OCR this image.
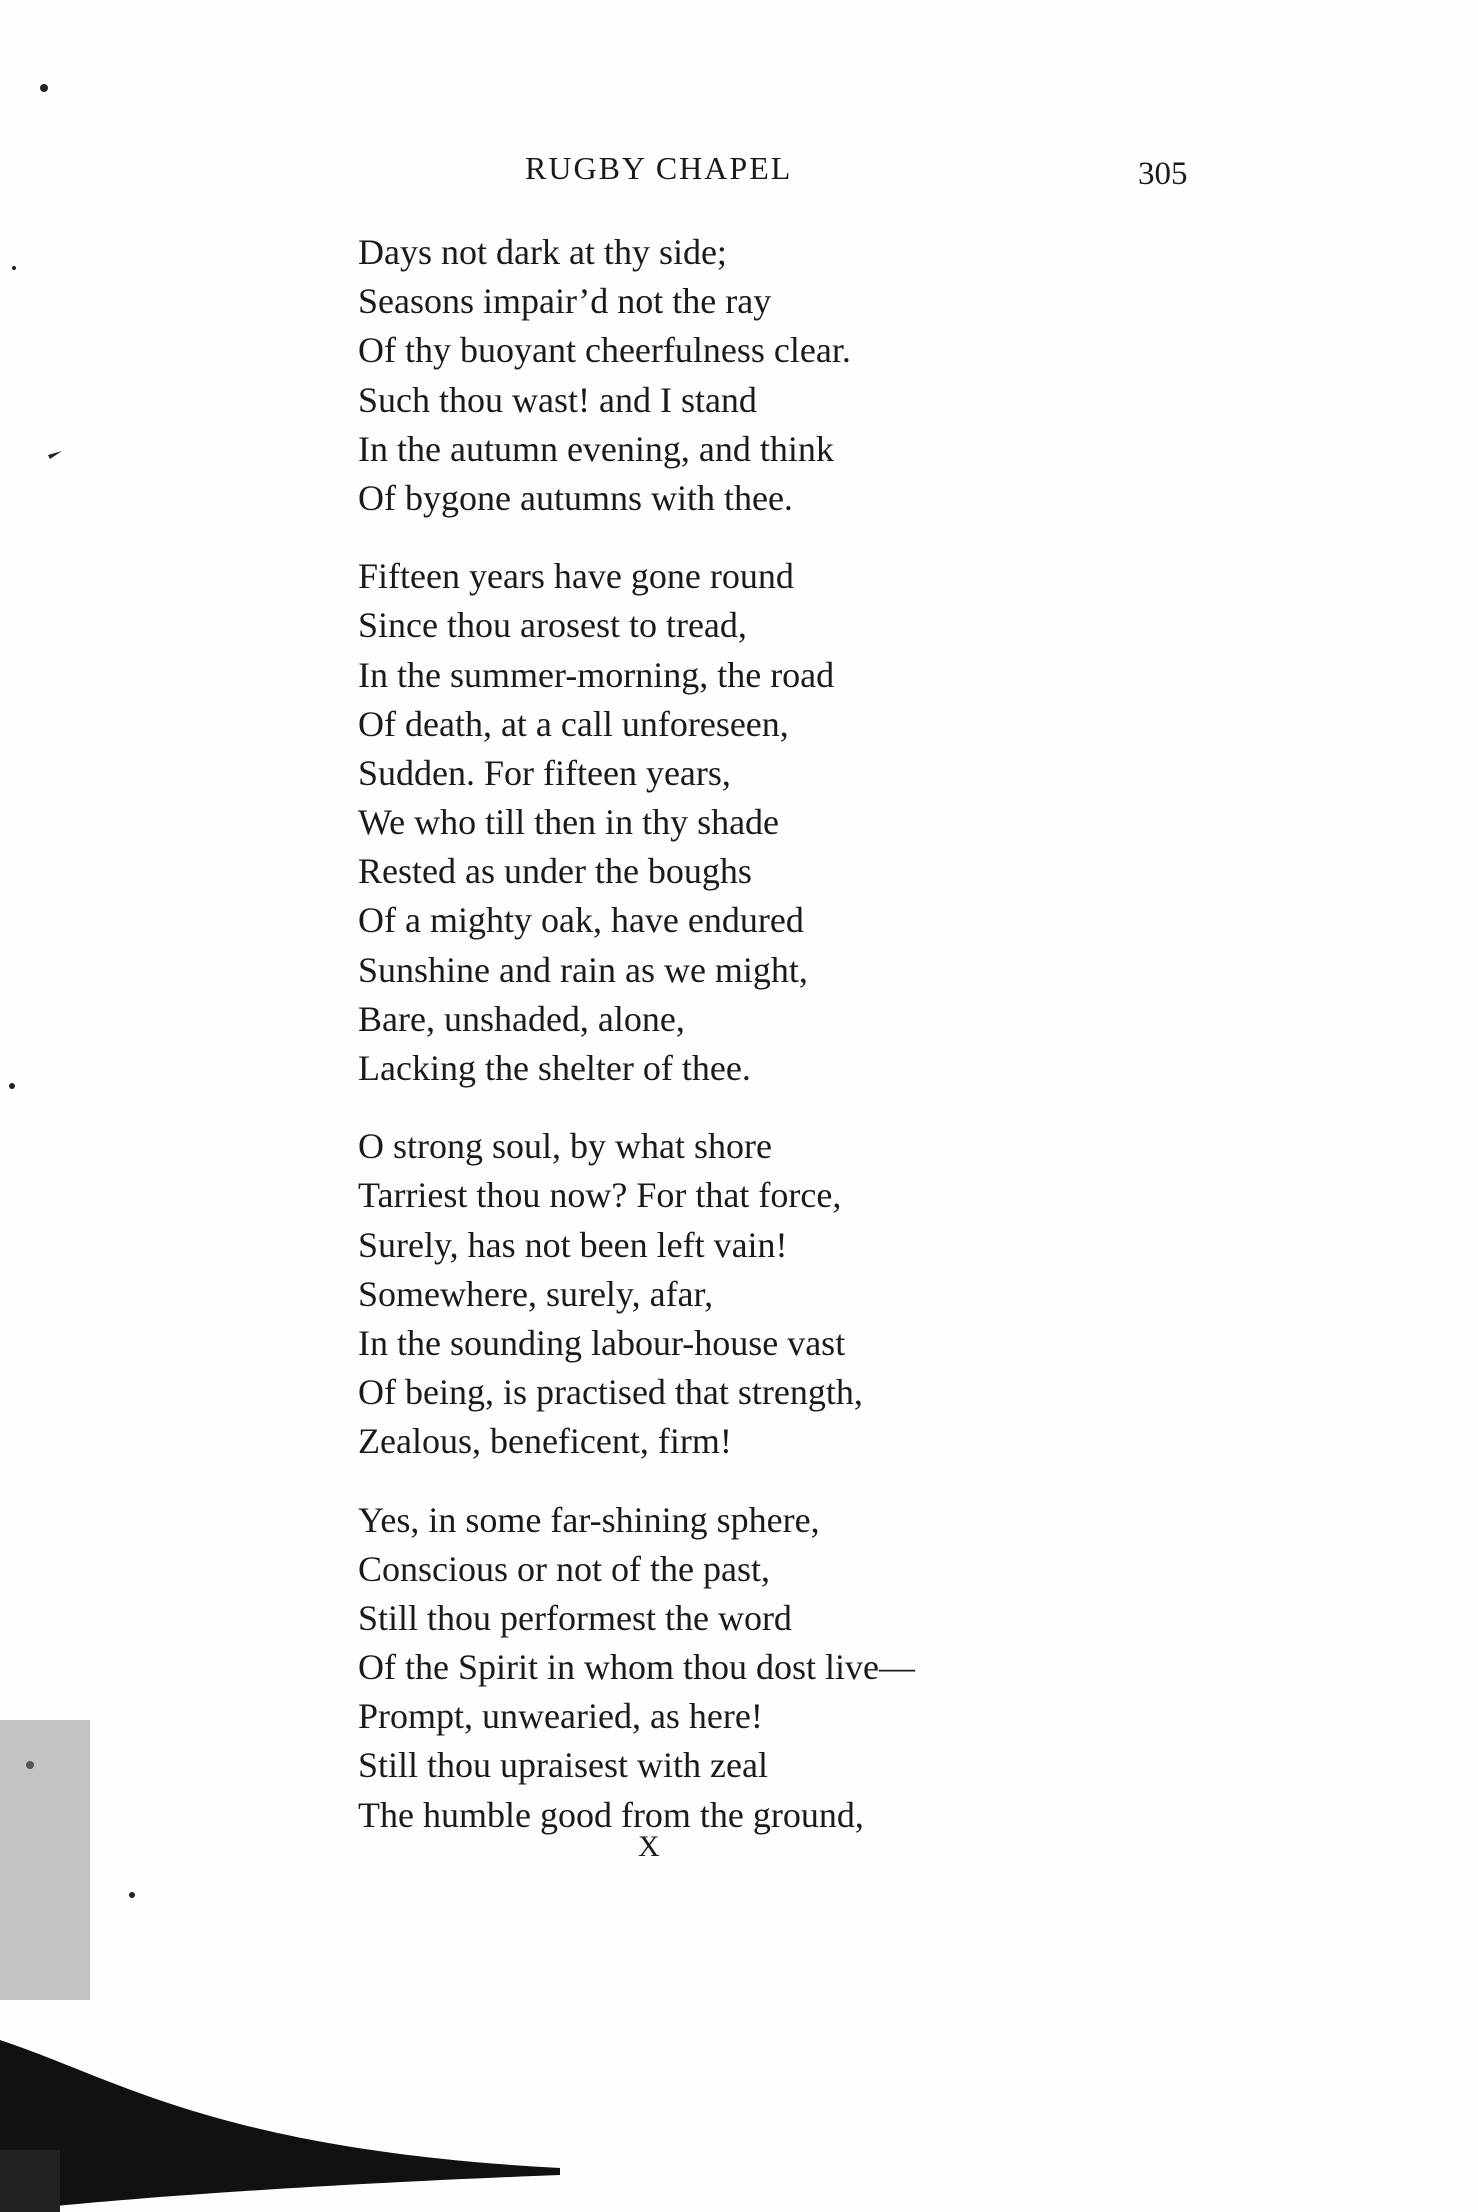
RUGBY CHAPEL	305
Days not dark at thy side;
Seasons impair’d not the ray
Of thy buoyant cheerfulness clear.
Such thou wast! and I stand
In the autumn evening, and think
Of bygone autumns with thee.
Fifteen years have gone round
Since thou arosest to tread,
In the summer-morning, the road
Of death, at a call unforeseen,
Sudden. For fifteen years,
We who till then in thy shade
Rested as under the boughs
Of a mighty oak, have endured
Sunshine and rain as we might,
Bare, unshaded, alone,
Lacking the shelter of thee.
O strong soul, by what shore
Tarriest thou now? For that force,
Surely, has not been left vain!
Somewhere, surely, afar,
In the sounding labour-house vast
Of being, is practised that strength,
Zealous, beneficent, firm!
Yes, in some far-shining sphere,
Conscious or not of the past,
Still thou performest the word
Of the Spirit in whom thou dost live—
Prompt, unwearied, as here!
Still thou upraisest with zeal
The humble good from the ground,
X
